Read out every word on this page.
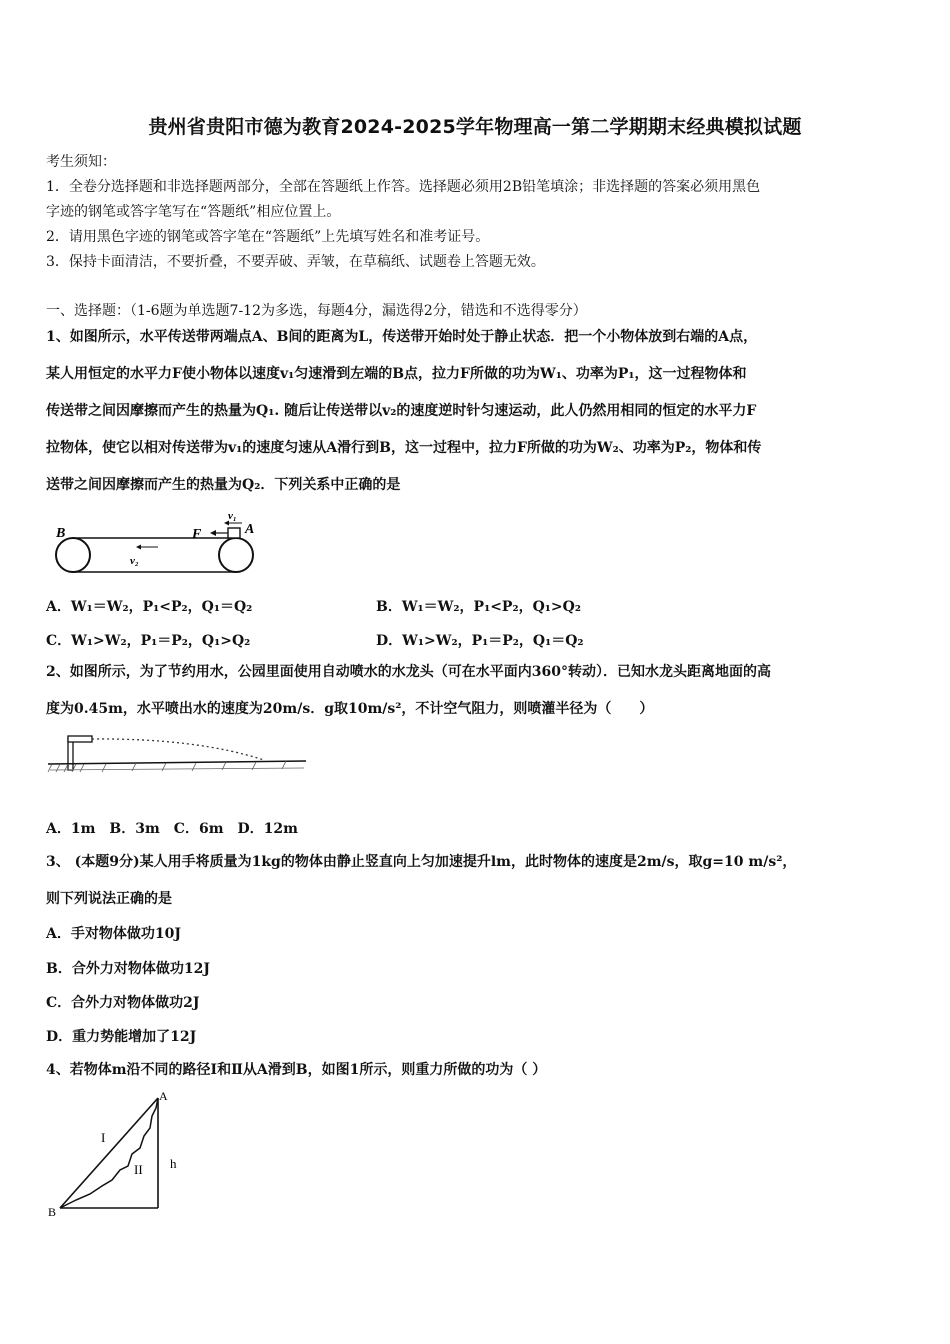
贵州省贵阳市德为教育2024-2025学年物理高一第二学期期末经典模拟试题
考生须知：
1．全卷分选择题和非选择题两部分，全部在答题纸上作答。选择题必须用2B铅笔填涂；非选择题的答案必须用黑色
字迹的钢笔或答字笔写在“答题纸”相应位置上。
2．请用黑色字迹的钢笔或答字笔在“答题纸”上先填写姓名和准考证号。
3．保持卡面清洁，不要折叠，不要弄破、弄皱，在草稿纸、试题卷上答题无效。
一、选择题：（1-6题为单选题7-12为多选，每题4分，漏选得2分，错选和不选得零分）
1、如图所示，水平传送带两端点A、B间的距离为L，传送带开始时处于静止状态．把一个小物体放到右端的A点，
某人用恒定的水平力F使小物体以速度v₁匀速滑到左端的B点，拉力F所做的功为W₁、功率为P₁，这一过程物体和
传送带之间因摩擦而产生的热量为Q₁. 随后让传送带以v₂的速度逆时针匀速运动，此人仍然用相同的恒定的水平力F
拉物体，使它以相对传送带为v₁的速度匀速从A滑行到B，这一过程中，拉力F所做的功为W₂、功率为P₂，物体和传
送带之间因摩擦而产生的热量为Q₂．下列关系中正确的是
B	A
F
v₁
v₂
A．W₁＝W₂，P₁<P₂，Q₁＝Q₂	B．W₁＝W₂，P₁<P₂，Q₁>Q₂
C．W₁>W₂，P₁＝P₂，Q₁>Q₂	D．W₁>W₂，P₁＝P₂，Q₁＝Q₂
2、如图所示，为了节约用水，公园里面使用自动喷水的水龙头（可在水平面内360°转动）．已知水龙头距离地面的高
度为0.45m，水平喷出水的速度为20m/s．g取10m/s²，不计空气阻力，则喷灌半径为（　　）
A．1m　B．3m　C．6m　D．12m
3、 (本题9分)某人用手将质量为1kg的物体由静止竖直向上匀加速提升lm，此时物体的速度是2m/s，取g=10 m/s²，
则下列说法正确的是
A．手对物体做功10J
B．合外力对物体做功12J
C．合外力对物体做功2J
D．重力势能增加了12J
4、若物体m沿不同的路径Ⅰ和Ⅱ从A滑到B，如图1所示，则重力所做的功为（ ）
A
B
h
I
II
